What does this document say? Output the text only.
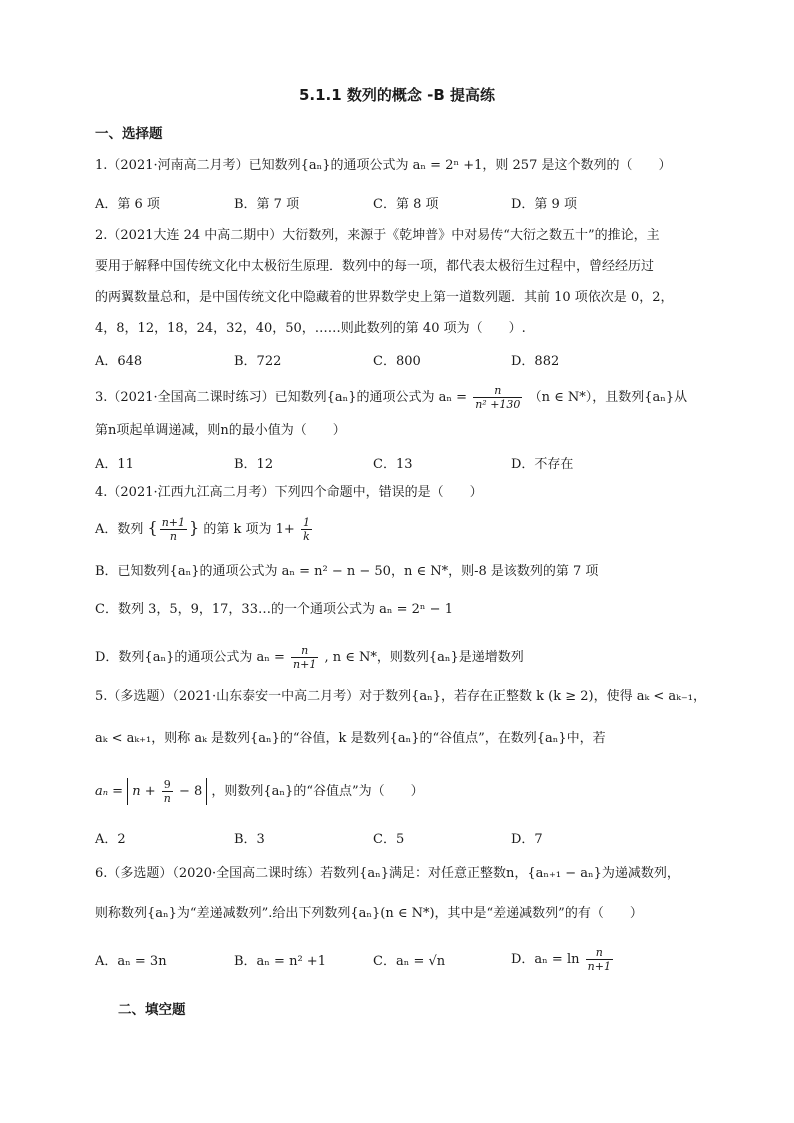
5.1.1 数列的概念 -B 提高练
一、选择题
1.（2021·河南高二月考）已知数列{aₙ}的通项公式为 aₙ = 2ⁿ +1，则 257 是这个数列的（　　）
A．第 6 项	B．第 7 项	C．第 8 项	D．第 9 项
2.（2021大连 24 中高二期中）大衍数列，来源于《乾坤普》中对易传“大衍之数五十”的推论，主
要用于解释中国传统文化中太极衍生原理．数列中的每一项，都代表太极衍生过程中，曾经经历过
的两翼数量总和，是中国传统文化中隐藏着的世界数学史上第一道数列题．其前 10 项依次是 0，2，
4，8，12，18，24，32，40，50，……则此数列的第 40 项为（　　）.
A．648	B．722	C．800	D．882
3.（2021·全国高二课时练习）已知数列{aₙ}的通项公式为 $a_n = \frac{n}{\text{n² +130}} (n$ ∈ N*），且数列{aₙ}从
第n项起单调递减，则n的最小值为（　　）
A．11	B．12	C．13	D．不存在
4.（2021·江西九江高二月考）下列四个命题中，错误的是（　　）
A．数列 { $\frac{n+1}{n}$ } 的第 k 项为 $1+ \frac{1}{k}$
B．已知数列{aₙ}的通项公式为 aₙ = n² − n − 50，n ∈ N*，则-8 是该数列的第 7 项
C．数列 3，5，9，17，33…的一个通项公式为 aₙ = 2ⁿ − 1
D．数列{aₙ}的通项公式为 $a_n = \frac{n}{n+1}$ , n ∈ N*，则数列{aₙ}是递增数列
5.（多选题）（2021·山东泰安一中高二月考）对于数列{aₙ}，若存在正整数 k (k ≥ 2)，使得 aₖ < aₖ₋₁，
aₖ < aₖ₊₁，则称 aₖ 是数列{aₙ}的“谷值，k 是数列{aₙ}的“谷值点”，在数列{aₙ}中，若
$a_n = n + \frac{9}{n} - 8$ ，则数列{aₙ}的“谷值点”为（　　）
A．2	B．3	C．5	D．7
6.（多选题）（2020·全国高二课时练）若数列{aₙ}满足：对任意正整数n，{aₙ₊₁ − aₙ}为递减数列，
则称数列{aₙ}为“差递减数列”.给出下列数列{aₙ}(n ∈ N*)，其中是“差递减数列”的有（　　）
A．aₙ = 3n	B．aₙ = n² +1	C．aₙ = √n	D．$a_n = \ln \frac{n}{n+1}$
二、填空题
